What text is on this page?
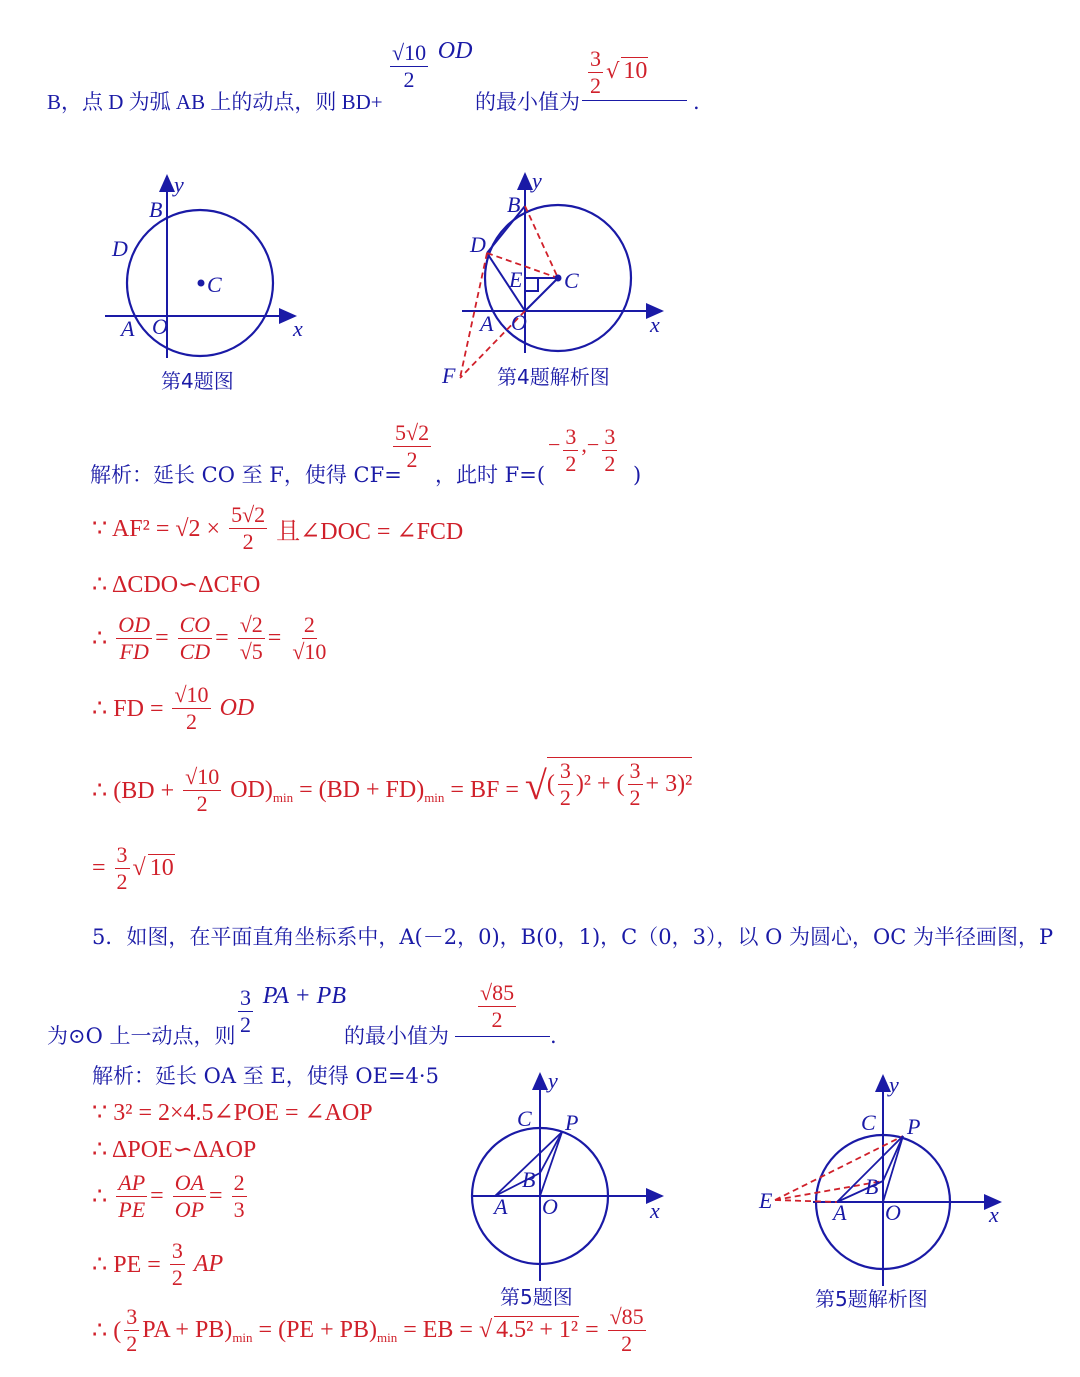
B，点 D 为弧 AB 上的动点，则 BD+
$\frac{√10}{2}$ OD
的最小值为
$\frac{3}{2}$ √ 10
.
y
B
D
C
A O	x
第4题图
y
B
D
E C
A O	x
F 第4题解析图
解析：延长 CO 至 F，使得 CF=
$\frac{5√2}{2}$
，此时 F=(
− $\frac{3}{2}$ ,− $\frac{3}{2}$ )
∵ $AF^2 = √2 \times \frac{5√2}{2}$ 且∠DOC = ∠FCD
∴ ΔCDO∽ΔCFO
∴ $\frac{OD}{FD} = \frac{CO}{CD} = \frac{√2}{√5} = \frac{2}{√10}$
∴ FD = $\frac{√10}{2}$ OD
∴ $(BD + \frac{√10}{2} OD)_{min} = (BD + FD)_{min}$ = BF = √( $\frac{3}{2} )^2$ + ( $\frac{3}{2} + 3)^2$
= $\frac{3}{2}$ √ 10
5．如图，在平面直角坐标系中，A(－2，0)，B(0，1)，C（0，3），以 O 为圆心，OC 为半径画图，P
为⊙O 上一动点，则 $\frac{3}{2}$ PA + PB
的最小值为
$\frac{√85}{2}$
.
解析：延长 OA 至 E，使得 OE=4·5
∵ 3² = 2×4.5∠POE = ∠AOP
∴ ΔPOE∽ΔAOP
∴ $\frac{AP}{PE} = \frac{OA}{OP} = \frac{2}{3}$
∴ PE = $\frac{3}{2}$ AP
∴ ( $\frac{3}{2}$ PA + $PB)_{min} = (PE + PB)_{min}$ = EB = √ $4.5^2 + 1^2 = \frac{√85}{2}$
y
C P
B
A O	x
第5题图
y
C P
B
E	A O	x
第5题解析图
